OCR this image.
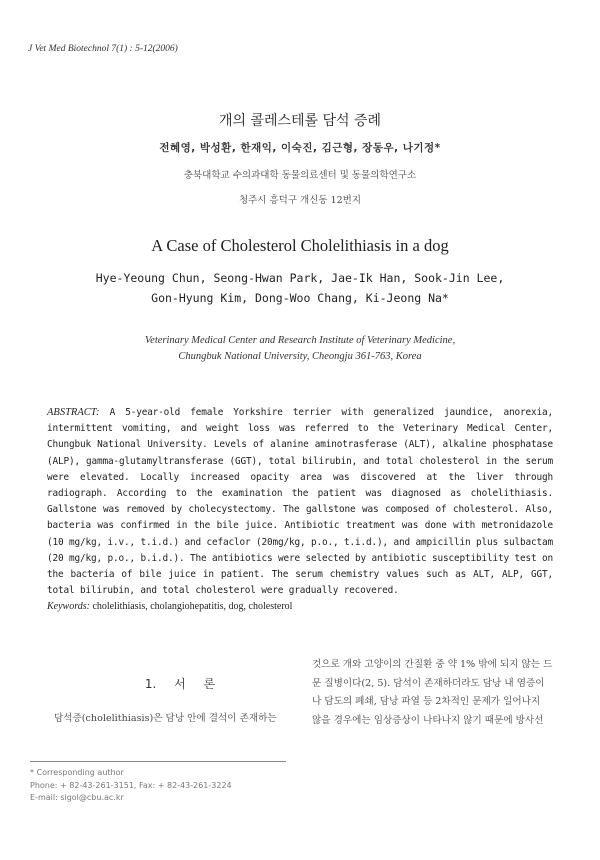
J Vet Med Biotechnol 7(1) : 5-12(2006)
개의 콜레스테롤 담석 증례
전혜영, 박성환, 한재익, 이숙진, 김근형, 장동우, 나기정*
충북대학교 수의과대학 동물의료센터 및 동물의학연구소
청주시 흥덕구 개신동 12번지
A Case of Cholesterol Cholelithiasis in a dog
Hye-Yeoung Chun, Seong-Hwan Park, Jae-Ik Han, Sook-Jin Lee,
Gon-Hyung Kim, Dong-Woo Chang, Ki-Jeong Na*
Veterinary Medical Center and Research Institute of Veterinary Medicine,
Chungbuk National University, Cheongju 361-763, Korea
ABSTRACT: A 5-year-old female Yorkshire terrier with generalized jaundice, anorexia, intermittent vomiting, and weight loss was referred to the Veterinary Medical Center, Chungbuk National University. Levels of alanine aminotrasferase (ALT), alkaline phosphatase (ALP), gamma-glutamyltransferase (GGT), total bilirubin, and total cholesterol in the serum were elevated. Locally increased opacity area was discovered at the liver through radiograph. According to the examination the patient was diagnosed as cholelithiasis. Gallstone was removed by cholecystectomy. The gallstone was composed of cholesterol. Also, bacteria was confirmed in the bile juice. Antibiotic treatment was done with metronidazole (10 mg/kg, i.v., t.i.d.) and cefaclor (20mg/kg, p.o., t.i.d.), and ampicillin plus sulbactam (20 mg/kg, p.o., b.i.d.). The antibiotics were selected by antibiotic susceptibility test on the bacteria of bile juice in patient. The serum chemistry values such as ALT, ALP, GGT, total bilirubin, and total cholesterol were gradually recovered.
Keywords: cholelithiasis, cholangiohepatitis, dog, cholesterol
1. 서 론
담석증(cholelithiasis)은 담낭 안에 결석이 존재하는
것으로 개와 고양이의 간질환 중 약 1% 밖에 되지 않는 드
문 질병이다(2, 5). 담석이 존재하더라도 담낭 내 염증이
나 담도의 폐쇄, 담낭 파열 등 2차적인 문제가 일어나지
않을 경우에는 임상증상이 나타나지 않기 때문에 방사선
* Corresponding author
Phone: + 82-43-261-3151, Fax: + 82-43-261-3224
E-mail: sigol@cbu.ac.kr
